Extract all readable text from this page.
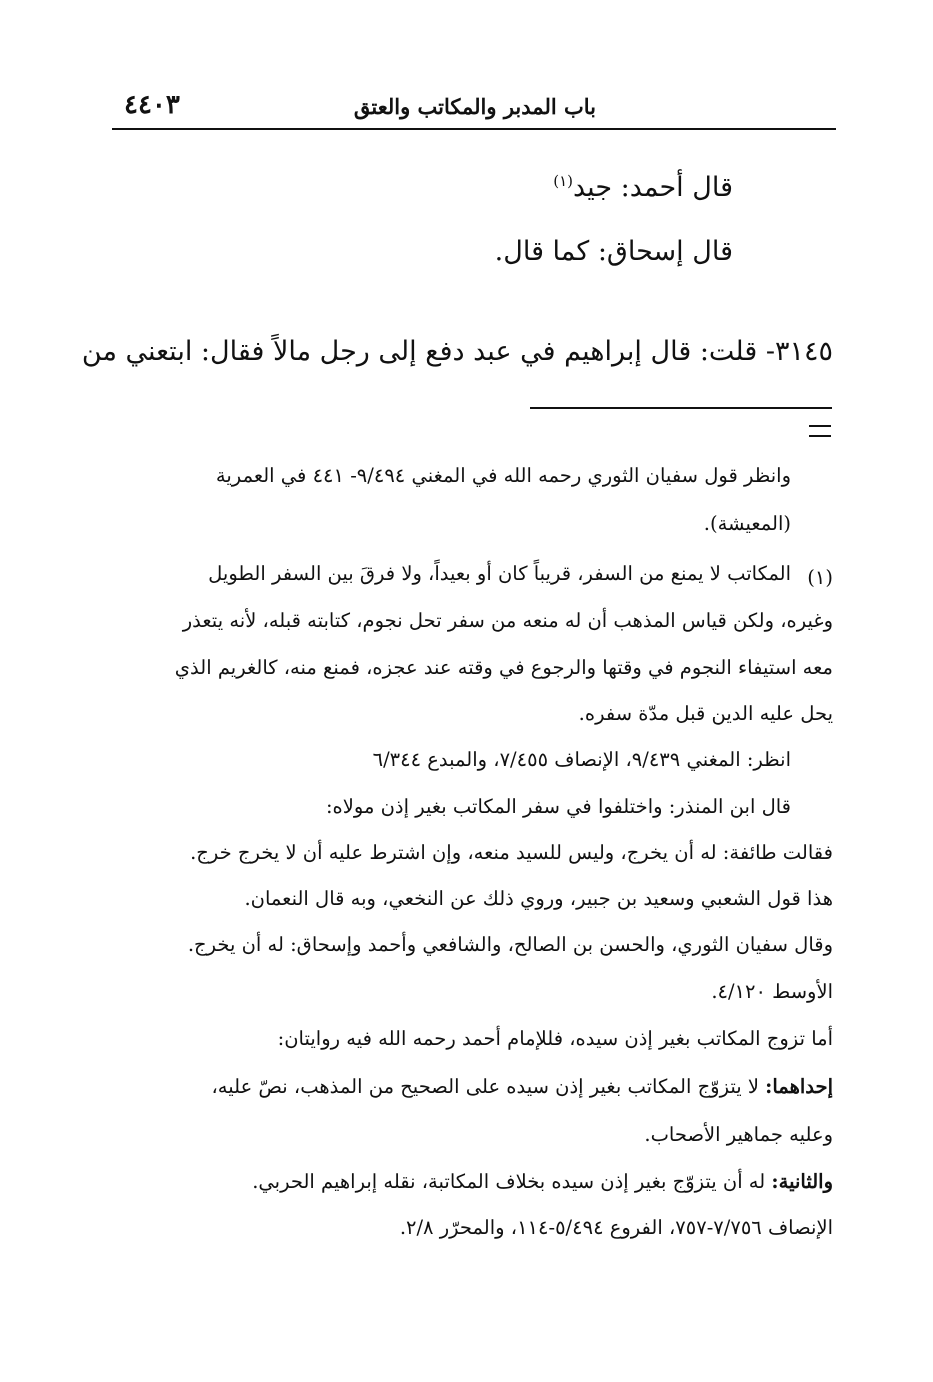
باب المدبر والمكاتب والعتق
٤٤٠٣
قال أحمد: جيد$^{(١)}$
قال إسحاق: كما قال.
٣١٤٥- قلت: قال إبراهيم في عبد دفع إلى رجل مالاً فقال: ابتعني من
وانظر قول سفيان الثوري رحمه الله في المغني ٩/٤٩٤- ٤٤١ في العمرية
(المعيشة).
(١)
المكاتب لا يمنع من السفر، قريباً كان أو بعيداً، ولا فرقَ بين السفر الطويل
وغيره، ولكن قياس المذهب أن له منعه من سفر تحل نجوم، كتابته قبله، لأنه يتعذر
معه استيفاء النجوم في وقتها والرجوع في وقته عند عجزه، فمنع منه، كالغريم الذي
يحل عليه الدين قبل مدّة سفره.
انظر: المغني ٩/٤٣٩، الإنصاف ٧/٤٥٥، والمبدع ٦/٣٤٤
قال ابن المنذر: واختلفوا في سفر المكاتب بغير إذن مولاه:
فقالت طائفة: له أن يخرج، وليس للسيد منعه، وإن اشترط عليه أن لا يخرج خرج.
هذا قول الشعبي وسعيد بن جبير، وروي ذلك عن النخعي، وبه قال النعمان.
وقال سفيان الثوري، والحسن بن الصالح، والشافعي وأحمد وإسحاق: له أن يخرج.
الأوسط ٤/١٢٠.
أما تزوج المكاتب بغير إذن سيده، فللإمام أحمد رحمه الله فيه روايتان:
إحداهما: لا يتزوّج المكاتب بغير إذن سيده على الصحيح من المذهب، نصّ عليه،
وعليه جماهير الأصحاب.
والثانية: له أن يتزوّج بغير إذن سيده بخلاف المكاتبة، نقله إبراهيم الحربي.
الإنصاف ٧/٧٥٦-٧٥٧، الفروع ٥/٤٩٤-١١٤، والمحرّر ٢/٨.
